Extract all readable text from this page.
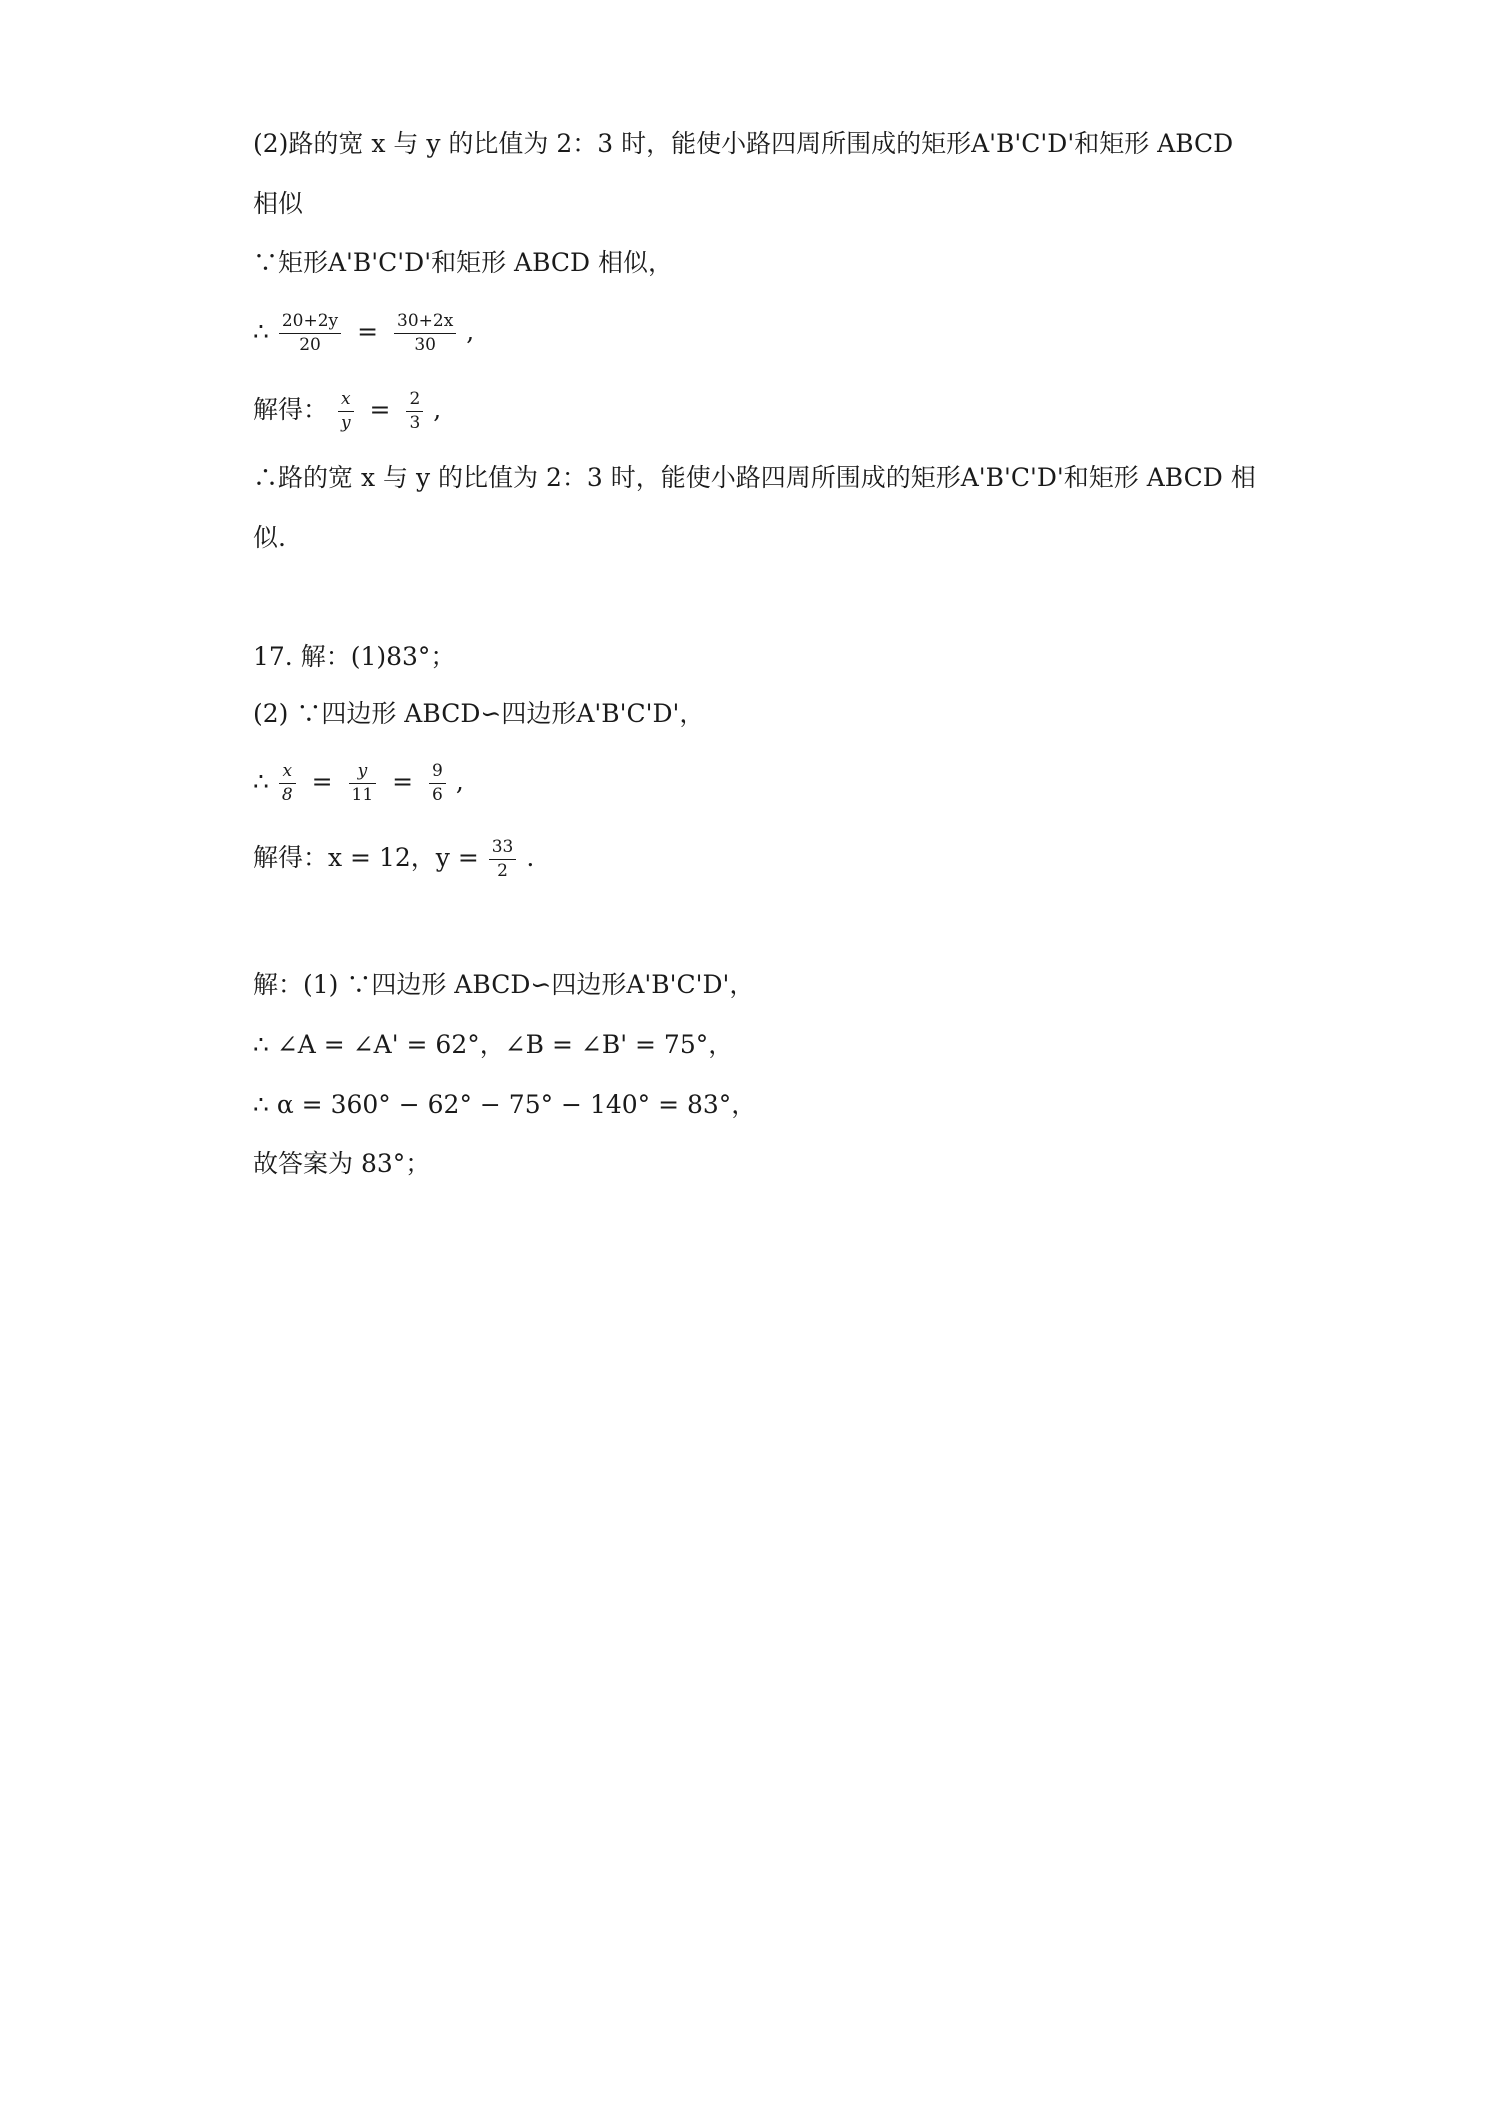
(2)路的宽 x 与 y 的比值为 2：3 时，能使小路四周所围成的矩形A'B'C'D'和矩形 ABCD
相似
∵矩形A'B'C'D'和矩形 ABCD 相似，
∴ $\frac{20+2y}{20} = \frac{30+2x}{30}$ ,
解得： $\frac{x}{y} = \frac{2}{3}$ ,
∴路的宽 x 与 y 的比值为 2：3 时，能使小路四周所围成的矩形A'B'C'D'和矩形 ABCD 相
似.
17. 解：(1)83°；
(2) ∵四边形 ABCD∽四边形A'B'C'D'，
∴ $\frac{x}{8} = \frac{y}{11} = \frac{9}{6}$ ,
解得：x = 12，$y = \frac{33}{2}$ .
解：(1) ∵四边形 ABCD∽四边形A'B'C'D'，
∴ ∠A = ∠A' = 62°，∠B = ∠B' = 75°，
∴ α = 360° − 62° − 75° − 140° = 83°，
故答案为 83°；
